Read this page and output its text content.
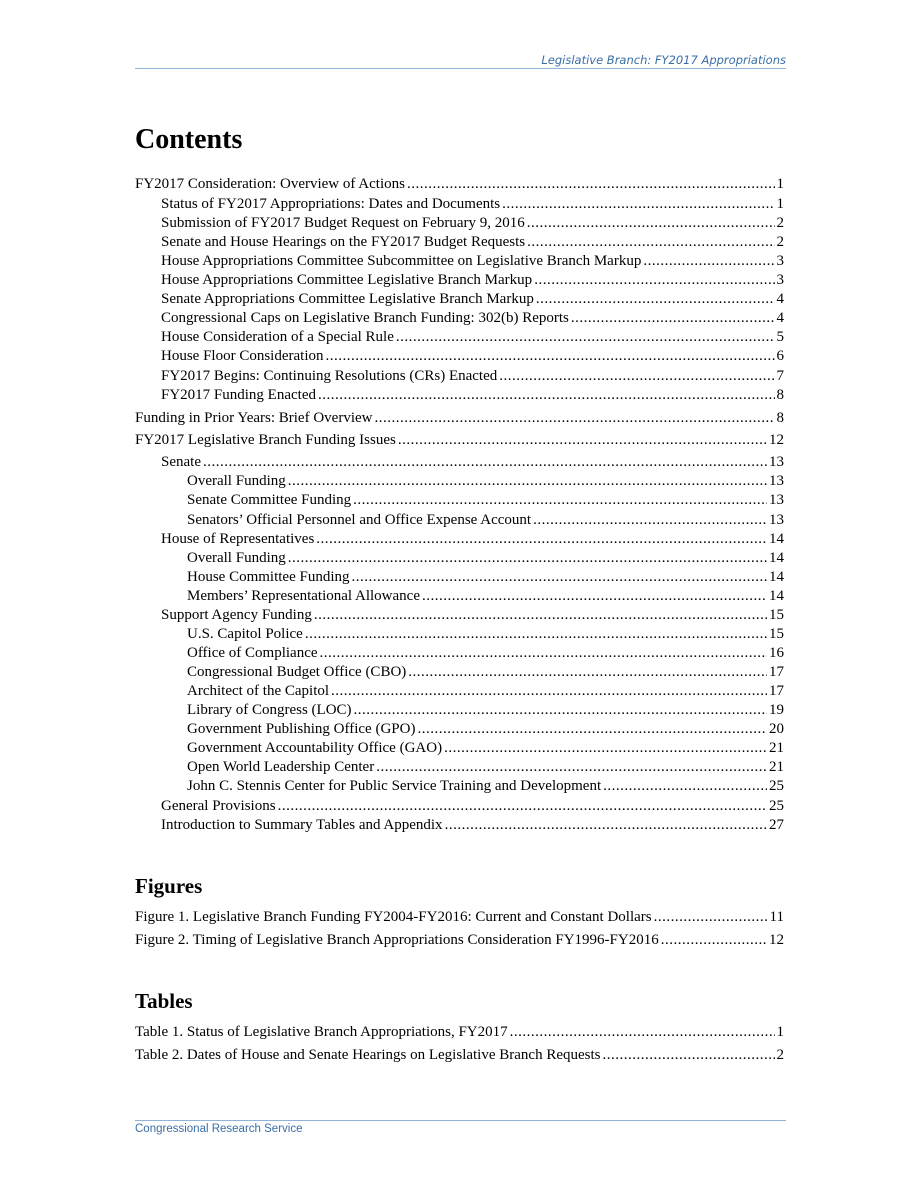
Legislative Branch: FY2017 Appropriations
Contents
FY2017 Consideration: Overview of Actions .....	1
Status of FY2017 Appropriations: Dates and Documents .....	1
Submission of FY2017 Budget Request on February 9, 2016 .....	2
Senate and House Hearings on the FY2017 Budget Requests .....	2
House Appropriations Committee Subcommittee on Legislative Branch Markup .....	3
House Appropriations Committee Legislative Branch Markup .....	3
Senate Appropriations Committee Legislative Branch Markup .....	4
Congressional Caps on Legislative Branch Funding: 302(b) Reports .....	4
House Consideration of a Special Rule .....	5
House Floor Consideration .....	6
FY2017 Begins: Continuing Resolutions (CRs) Enacted .....	7
FY2017 Funding Enacted .....	8
Funding in Prior Years: Brief Overview .....	8
FY2017 Legislative Branch Funding Issues .....	12
Senate .....	13
Overall Funding .....	13
Senate Committee Funding .....	13
Senators’ Official Personnel and Office Expense Account .....	13
House of Representatives .....	14
Overall Funding .....	14
House Committee Funding .....	14
Members’ Representational Allowance .....	14
Support Agency Funding .....	15
U.S. Capitol Police .....	15
Office of Compliance .....	16
Congressional Budget Office (CBO) .....	17
Architect of the Capitol .....	17
Library of Congress (LOC) .....	19
Government Publishing Office (GPO) .....	20
Government Accountability Office (GAO) .....	21
Open World Leadership Center .....	21
John C. Stennis Center for Public Service Training and Development .....	25
General Provisions .....	25
Introduction to Summary Tables and Appendix .....	27
Figures
Figure 1. Legislative Branch Funding FY2004-FY2016: Current and Constant Dollars .....	11
Figure 2. Timing of Legislative Branch Appropriations Consideration FY1996-FY2016 .....	12
Tables
Table 1. Status of Legislative Branch Appropriations, FY2017 .....	1
Table 2. Dates of House and Senate Hearings on Legislative Branch Requests .....	2
Congressional Research Service
